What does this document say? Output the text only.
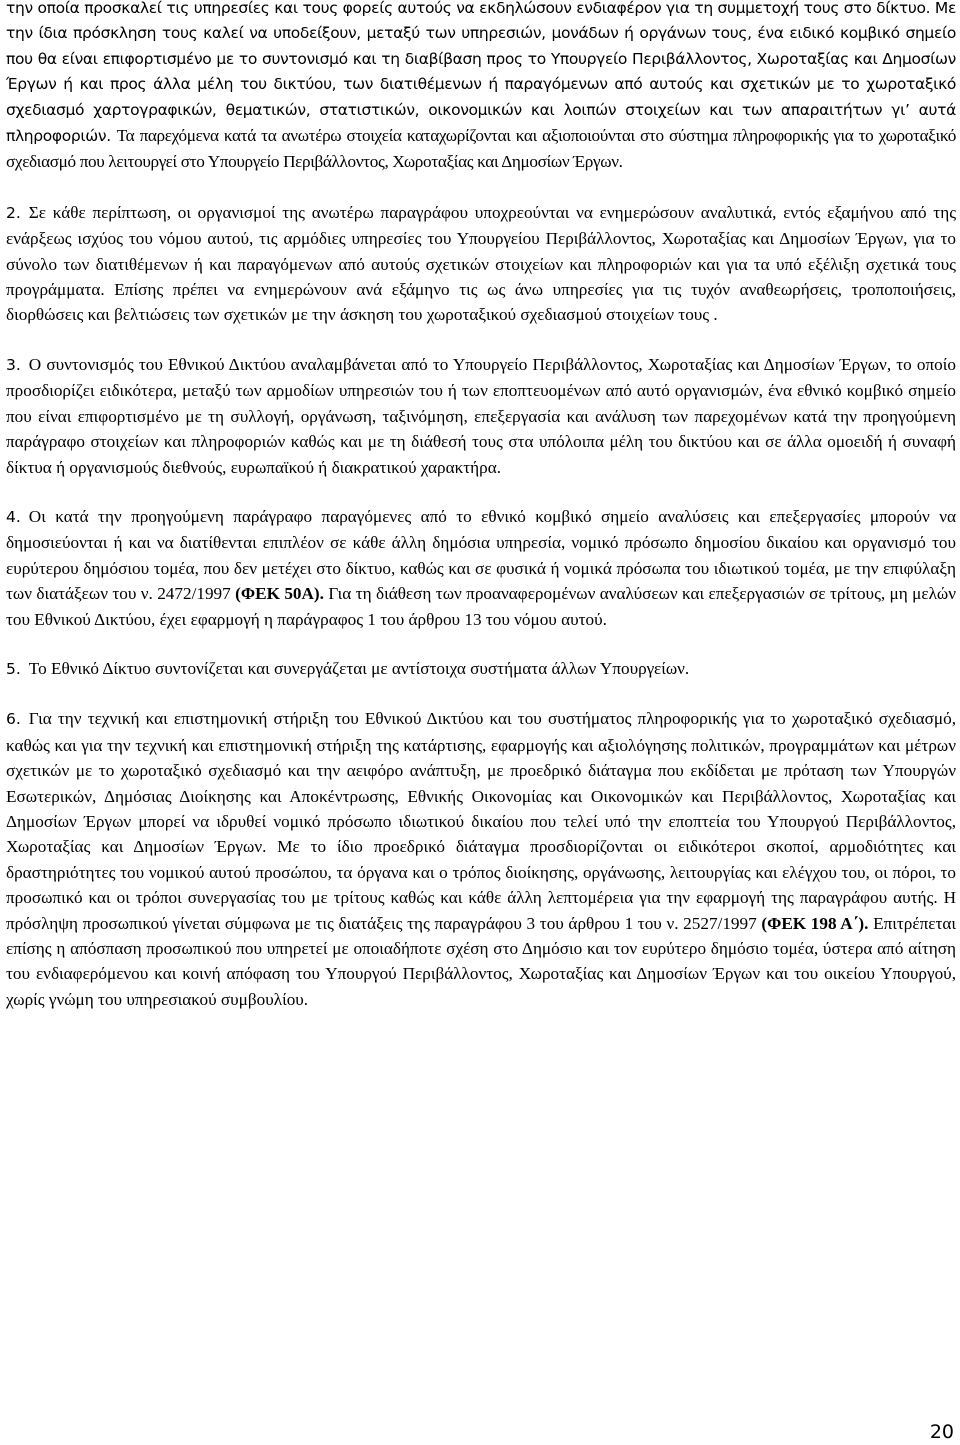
την οποία προσκαλεί τις υπηρεσίες και τους φορείς αυτούς να εκδηλώσουν ενδιαφέρον για τη συμμετοχή τους στο δίκτυο. Με την ίδια πρόσκληση τους καλεί να υποδείξουν, μεταξύ των υπηρεσιών, μονάδων ή οργάνων τους, ένα ειδικό κομβικό σημείο που θα είναι επιφορτισμένο με το συντονισμό και τη διαβίβαση προς το Υπουργείο Περιβάλλοντος, Χωροταξίας και Δημοσίων Έργων ή και προς άλλα μέλη του δικτύου, των διατιθέμενων ή παραγόμενων από αυτούς και σχετικών με το χωροταξικό σχεδιασμό χαρτογραφικών, θεματικών, στατιστικών, οικονομικών και λοιπών στοιχείων και των απαραιτήτων γι’ αυτά πληροφοριών. Τα παρεχόμενα κατά τα ανωτέρω στοιχεία καταχωρίζονται και αξιοποιούνται στο σύστημα πληροφορικής για το χωροταξικό σχεδιασμό που λειτουργεί στο Υπουργείο Περιβάλλοντος, Χωροταξίας και Δημοσίων Έργων.

2. Σε κάθε περίπτωση, οι οργανισμοί της ανωτέρω παραγράφου υποχρεούνται να ενημερώσουν αναλυτικά, εντός εξαμήνου από της ενάρξεως ισχύος του νόμου αυτού, τις αρμόδιες υπηρεσίες του Υπουργείου Περιβάλλοντος, Χωροταξίας και Δημοσίων Έργων, για το σύνολο των διατιθέμενων ή και παραγόμενων από αυτούς σχετικών στοιχείων και πληροφοριών και για τα υπό εξέλιξη σχετικά τους προγράμματα. Επίσης πρέπει να ενημερώνουν ανά εξάμηνο τις ως άνω υπηρεσίες για τις τυχόν αναθεωρήσεις, τροποποιήσεις, διορθώσεις και βελτιώσεις των σχετικών με την άσκηση του χωροταξικού σχεδιασμού στοιχείων τους .

3. Ο συντονισμός του Εθνικού Δικτύου αναλαμβάνεται από το Υπουργείο Περιβάλλοντος, Χωροταξίας και Δημοσίων Έργων, το οποίο προσδιορίζει ειδικότερα, μεταξύ των αρμοδίων υπηρεσιών του ή των εποπτευομένων από αυτό οργανισμών, ένα εθνικό κομβικό σημείο που είναι επιφορτισμένο με τη συλλογή, οργάνωση, ταξινόμηση, επεξεργασία και ανάλυση των παρεχομένων κατά την προηγούμενη παράγραφο στοιχείων και πληροφοριών καθώς και με τη διάθεσή τους στα υπόλοιπα μέλη του δικτύου και σε άλλα ομοειδή ή συναφή δίκτυα ή οργανισμούς διεθνούς, ευρωπαϊκού ή διακρατικού χαρακτήρα.

4. Οι κατά την προηγούμενη παράγραφο παραγόμενες από το εθνικό κομβικό σημείο αναλύσεις και επεξεργασίες μπορούν να δημοσιεύονται ή και να διατίθενται επιπλέον σε κάθε άλλη δημόσια υπηρεσία, νομικό πρόσωπο δημοσίου δικαίου και οργανισμό του ευρύτερου δημόσιου τομέα, που δεν μετέχει στο δίκτυο, καθώς και σε φυσικά ή νομικά πρόσωπα του ιδιωτικού τομέα, με την επιφύλαξη των διατάξεων του ν. 2472/1997 (ΦΕΚ 50Α). Για τη διάθεση των προαναφερομένων αναλύσεων και επεξεργασιών σε τρίτους, μη μελών του Εθνικού Δικτύου, έχει εφαρμογή η παράγραφος 1 του άρθρου 13 του νόμου αυτού.

5. Το Εθνικό Δίκτυο συντονίζεται και συνεργάζεται με αντίστοιχα συστήματα άλλων Υπουργείων.

6. Για την τεχνική και επιστημονική στήριξη του Εθνικού Δικτύου και του συστήματος πληροφορικής για το χωροταξικό σχεδιασμό, καθώς και για την τεχνική και επιστημονική στήριξη της κατάρτισης, εφαρμογής και αξιολόγησης πολιτικών, προγραμμάτων και μέτρων σχετικών με το χωροταξικό σχεδιασμό και την αειφόρο ανάπτυξη, με προεδρικό διάταγμα που εκδίδεται με πρόταση των Υπουργών Εσωτερικών, Δημόσιας Διοίκησης και Αποκέντρωσης, Εθνικής Οικονομίας και Οικονομικών και Περιβάλλοντος, Χωροταξίας και Δημοσίων Έργων μπορεί να ιδρυθεί νομικό πρόσωπο ιδιωτικού δικαίου που τελεί υπό την εποπτεία του Υπουργού Περιβάλλοντος, Χωροταξίας και Δημοσίων Έργων. Με το ίδιο προεδρικό διάταγμα προσδιορίζονται οι ειδικότεροι σκοποί, αρμοδιότητες και δραστηριότητες του νομικού αυτού προσώπου, τα όργανα και ο τρόπος διοίκησης, οργάνωσης, λειτουργίας και ελέγχου του, οι πόροι, το προσωπικό και οι τρόποι συνεργασίας του με τρίτους καθώς και κάθε άλλη λεπτομέρεια για την εφαρμογή της παραγράφου αυτής. Η πρόσληψη προσωπικού γίνεται σύμφωνα με τις διατάξεις της παραγράφου 3 του άρθρου 1 του ν. 2527/1997 (ΦΕΚ 198 Α΄). Επιτρέπεται επίσης η απόσπαση προσωπικού που υπηρετεί με οποιαδήποτε σχέση στο Δημόσιο και τον ευρύτερο δημόσιο τομέα, ύστερα από αίτηση του ενδιαφερόμενου και κοινή απόφαση του Υπουργού Περιβάλλοντος, Χωροταξίας και Δημοσίων Έργων και του οικείου Υπουργού, χωρίς γνώμη του υπηρεσιακού συμβουλίου.

20
